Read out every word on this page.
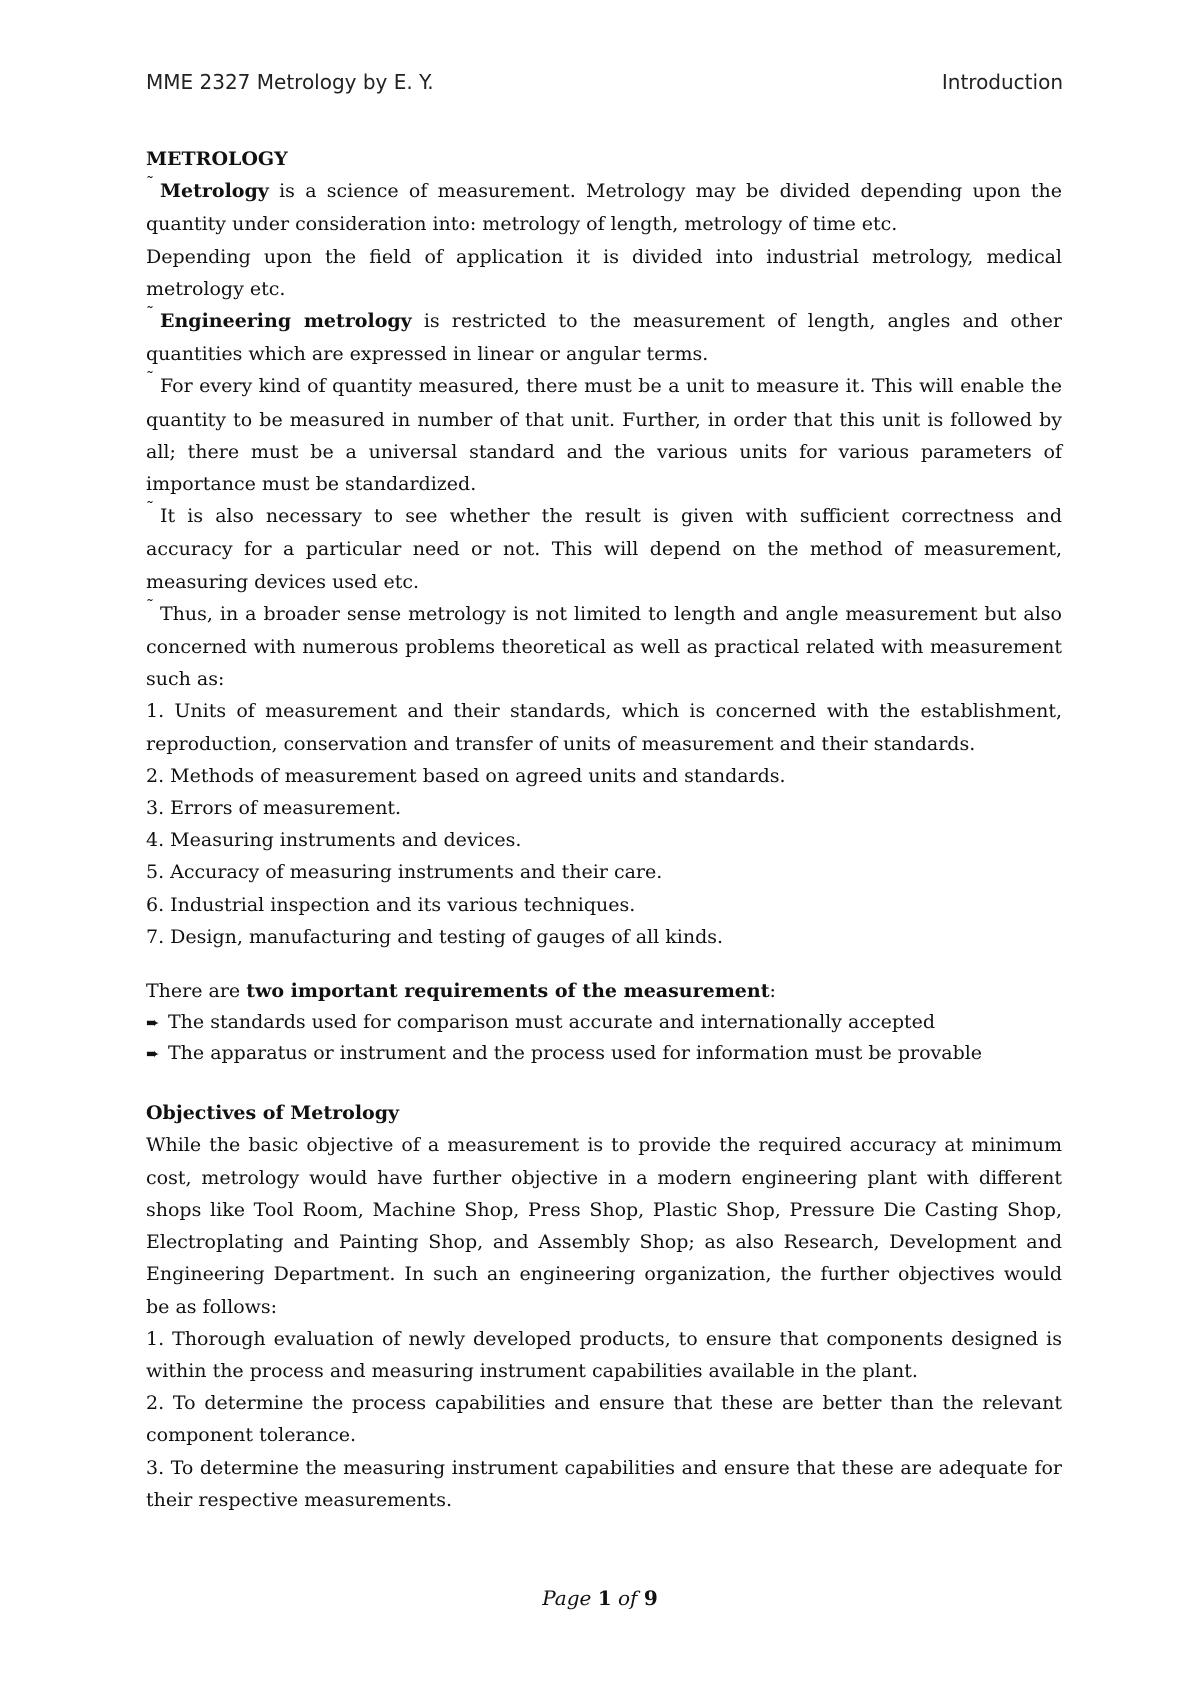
MME 2327 Metrology by E. Y.	Introduction

METROLOGY

˜ Metrology is a science of measurement. Metrology may be divided depending upon the quantity under consideration into: metrology of length, metrology of time etc.

Depending upon the field of application it is divided into industrial metrology, medical metrology etc.

˜ Engineering metrology is restricted to the measurement of length, angles and other quantities which are expressed in linear or angular terms.

˜ For every kind of quantity measured, there must be a unit to measure it. This will enable the quantity to be measured in number of that unit. Further, in order that this unit is followed by all; there must be a universal standard and the various units for various parameters of importance must be standardized.

˜ It is also necessary to see whether the result is given with sufficient correctness and accuracy for a particular need or not. This will depend on the method of measurement, measuring devices used etc.

˜ Thus, in a broader sense metrology is not limited to length and angle measurement but also concerned with numerous problems theoretical as well as practical related with measurement such as:

1. Units of measurement and their standards, which is concerned with the establishment, reproduction, conservation and transfer of units of measurement and their standards.

2. Methods of measurement based on agreed units and standards.

3. Errors of measurement.

4. Measuring instruments and devices.

5. Accuracy of measuring instruments and their care.

6. Industrial inspection and its various techniques.

7. Design, manufacturing and testing of gauges of all kinds.

There are two important requirements of the measurement:

➨ The standards used for comparison must accurate and internationally accepted

➨ The apparatus or instrument and the process used for information must be provable

Objectives of Metrology

While the basic objective of a measurement is to provide the required accuracy at minimum cost, metrology would have further objective in a modern engineering plant with different shops like Tool Room, Machine Shop, Press Shop, Plastic Shop, Pressure Die Casting Shop, Electroplating and Painting Shop, and Assembly Shop; as also Research, Development and Engineering Department. In such an engineering organization, the further objectives would be as follows:

1. Thorough evaluation of newly developed products, to ensure that components designed is within the process and measuring instrument capabilities available in the plant.

2. To determine the process capabilities and ensure that these are better than the relevant component tolerance.

3. To determine the measuring instrument capabilities and ensure that these are adequate for their respective measurements.

Page 1 of 9
